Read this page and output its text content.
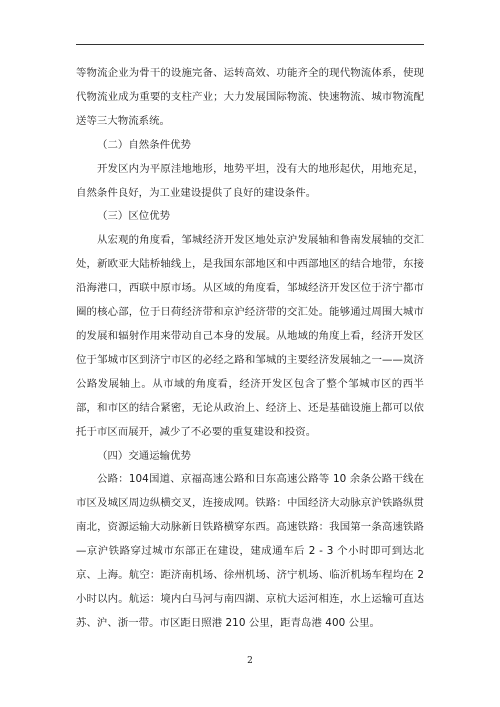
等物流企业为骨干的设施完备、运转高效、功能齐全的现代物流体系，使现代物流业成为重要的支柱产业；大力发展国际物流、快速物流、城市物流配送等三大物流系统。

（二）自然条件优势

开发区内为平原洼地地形，地势平坦，没有大的地形起伏，用地充足，自然条件良好，为工业建设提供了良好的建设条件。

（三）区位优势

从宏观的角度看，邹城经济开发区地处京沪发展轴和鲁南发展轴的交汇处，新欧亚大陆桥轴线上，是我国东部地区和中西部地区的结合地带，东接沿海港口，西联中原市场。从区域的角度看，邹城经济开发区位于济宁都市圈的核心部，位于日荷经济带和京沪经济带的交汇处。能够通过周围大城市的发展和辐射作用来带动自己本身的发展。从地域的角度上看，经济开发区位于邹城市区到济宁市区的必经之路和邹城的主要经济发展轴之一——岚济公路发展轴上。从市域的角度看，经济开发区包含了整个邹城市区的西半部，和市区的结合紧密，无论从政治上、经济上、还是基础设施上都可以依托于市区而展开，减少了不必要的重复建设和投资。

（四）交通运输优势

公路：104国道、京福高速公路和日东高速公路等 10 余条公路干线在市区及城区周边纵横交叉，连接成网。铁路：中国经济大动脉京沪铁路纵贯南北，资源运输大动脉新日铁路横穿东西。高速铁路：我国第一条高速铁路—京沪铁路穿过城市东部正在建设，建成通车后 2 - 3 个小时即可到达北京、上海。航空：距济南机场、徐州机场、济宁机场、临沂机场车程均在 2 小时以内。航运：境内白马河与南四湖、京杭大运河相连，水上运输可直达苏、沪、浙一带。市区距日照港 210 公里，距青岛港 400 公里。

2
